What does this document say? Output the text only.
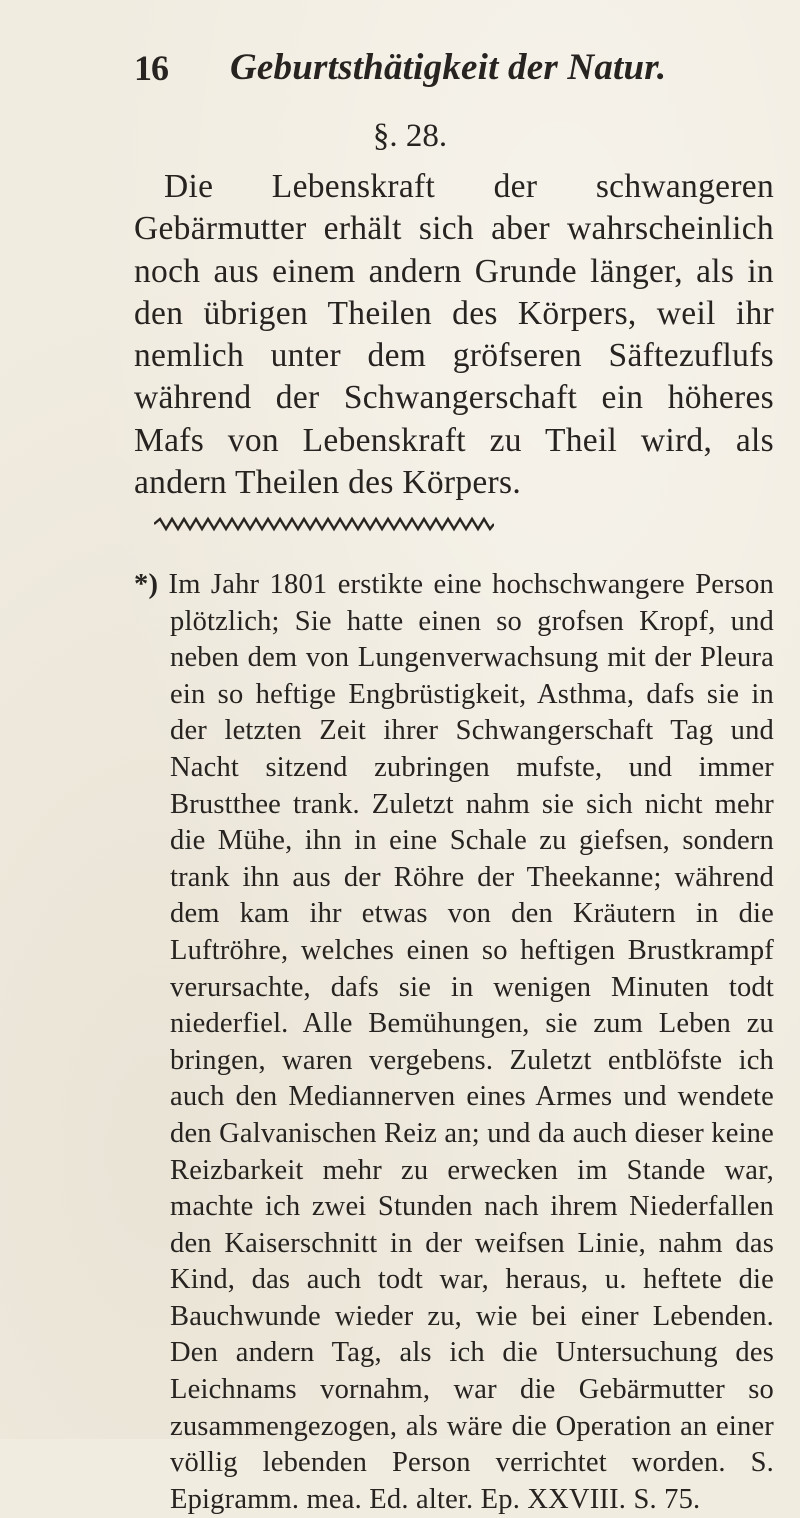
16 Geburtsthätigkeit der Natur.
§. 28.
Die Lebenskraft der schwangeren Gebärmutter erhält sich aber wahrscheinlich noch aus einem andern Grunde länger, als in den übrigen Theilen des Körpers, weil ihr nemlich unter dem gröfseren Säftezuflufs während der Schwangerschaft ein höheres Mafs von Lebenskraft zu Theil wird, als andern Theilen des Körpers.
*) Im Jahr 1801 erstikte eine hochschwangere Person plötzlich; Sie hatte einen so grofsen Kropf, und neben dem von Lungenverwachsung mit der Pleura ein so heftige Engbrüstigkeit, Asthma, dafs sie in der letzten Zeit ihrer Schwangerschaft Tag und Nacht sitzend zubringen mufste, und immer Brustthee trank. Zuletzt nahm sie sich nicht mehr die Mühe, ihn in eine Schale zu giefsen, sondern trank ihn aus der Röhre der Theekanne; während dem kam ihr etwas von den Kräutern in die Luftröhre, welches einen so heftigen Brustkrampf verursachte, dafs sie in wenigen Minuten todt niederfiel. Alle Bemühungen, sie zum Leben zu bringen, waren vergebens. Zuletzt entblöfste ich auch den Mediannerven eines Armes und wendete den Galvanischen Reiz an; und da auch dieser keine Reizbarkeit mehr zu erwecken im Stande war, machte ich zwei Stunden nach ihrem Niederfallen den Kaiserschnitt in der weifsen Linie, nahm das Kind, das auch todt war, heraus, u. heftete die Bauchwunde wieder zu, wie bei einer Lebenden. Den andern Tag, als ich die Untersuchung des Leichnams vornahm, war die Gebärmutter so zusammengezogen, als wäre die Operation an einer völlig lebenden Person verrichtet worden. S. Epigramm. mea. Ed. alter. Ep. XXVIII. S. 75.
